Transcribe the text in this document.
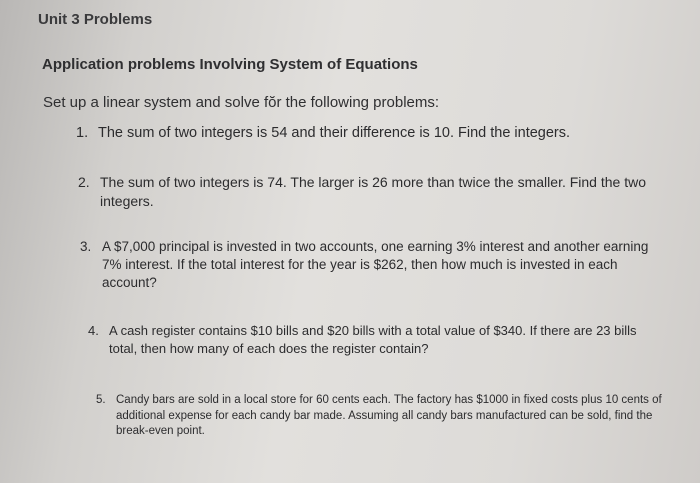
Unit 3 Problems
Application problems Involving System of Equations
Set up a linear system and solve fŏr the following problems:
1. The sum of two integers is 54 and their difference is 10. Find the integers.
2. The sum of two integers is 74. The larger is 26 more than twice the smaller. Find the two integers.
3. A $7,000 principal is invested in two accounts, one earning 3% interest and another earning 7% interest. If the total interest for the year is $262, then how much is invested in each account?
4. A cash register contains $10 bills and $20 bills with a total value of $340. If there are 23 bills total, then how many of each does the register contain?
5. Candy bars are sold in a local store for 60 cents each. The factory has $1000 in fixed costs plus 10 cents of additional expense for each candy bar made. Assuming all candy bars manufactured can be sold, find the break-even point.
